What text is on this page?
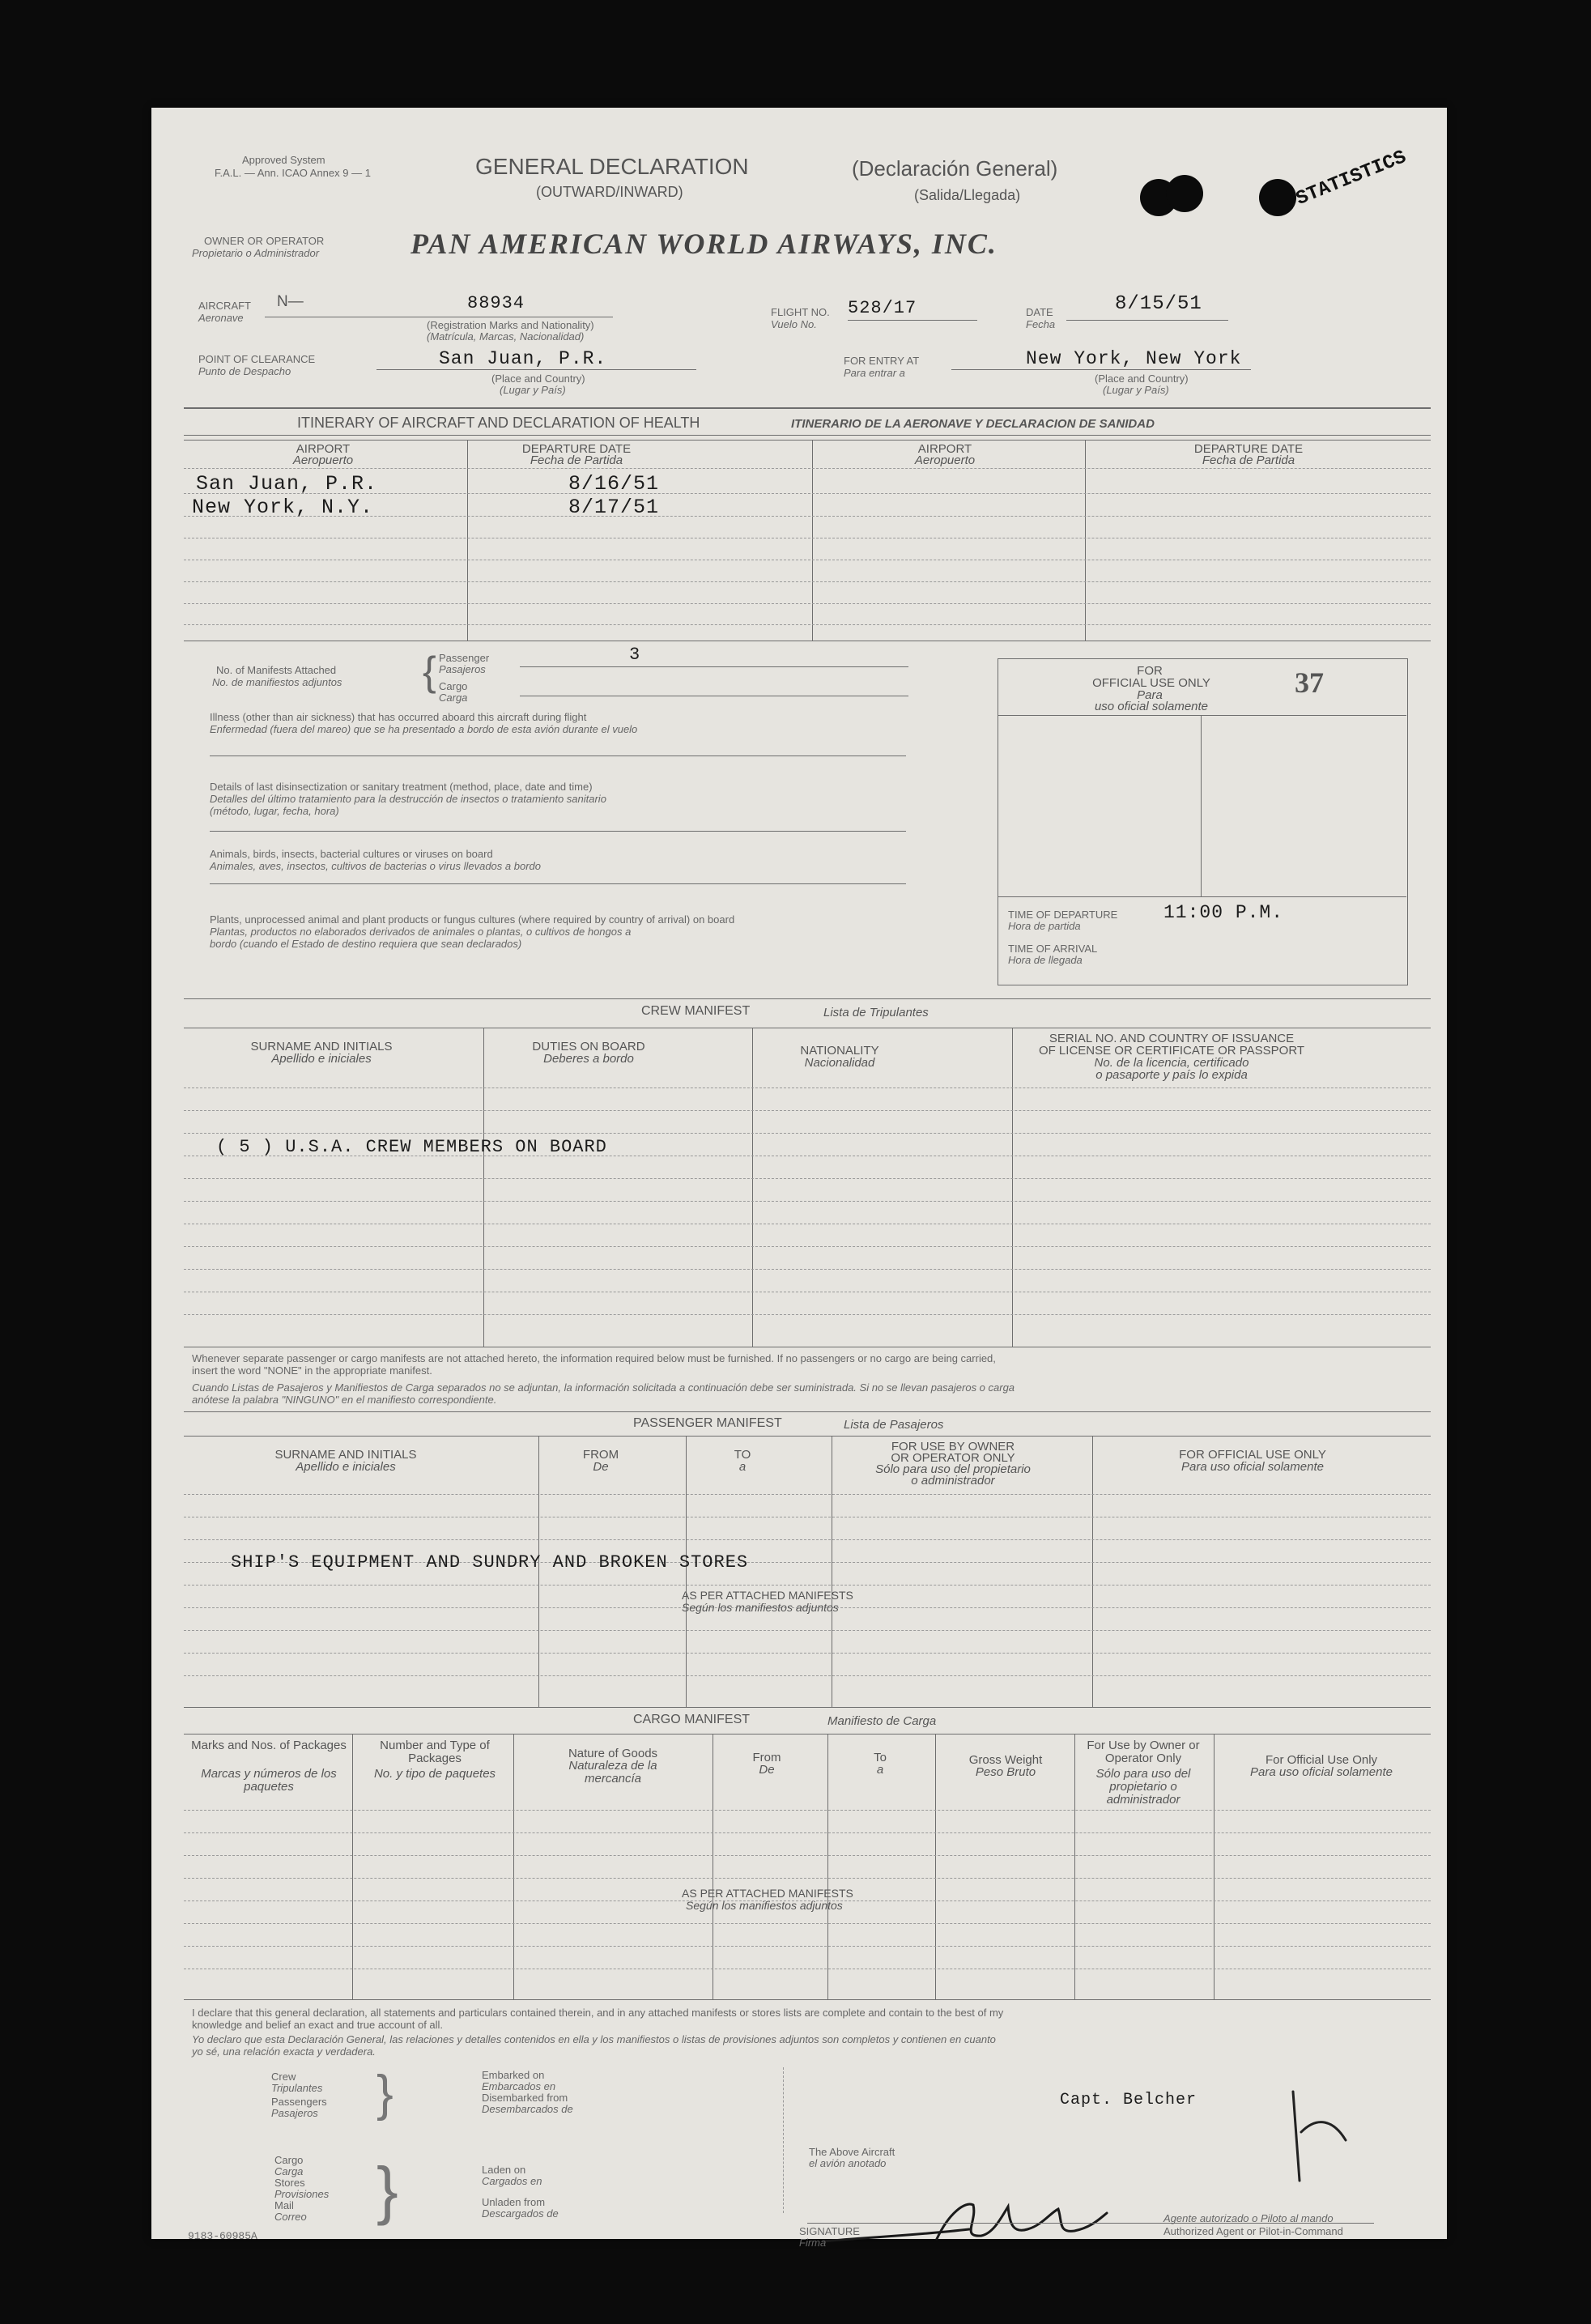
Approved System
F.A.L. — Ann. ICAO Annex 9 — 1	GENERAL DECLARATION
(OUTWARD/INWARD)
(Declaración General)
(Salida/Llegada)	STATISTICS
OWNER OR OPERATOR
Propietario o Administrador	PAN AMERICAN WORLD AIRWAYS, INC.
AIRCRAFT
Aeronave
N—	88934
(Registration Marks and Nationality)
(Matrícula, Marcas, Nacionalidad)
FLIGHT NO.
Vuelo No.
528/17	DATE
Fecha
8/15/51
POINT OF CLEARANCE
Punto de Despacho
San Juan, P.R.
(Place and Country)
(Lugar y País)
FOR ENTRY AT
Para entrar a
New York, New York
(Place and Country)
(Lugar y País)
ITINERARY OF AIRCRAFT AND DECLARATION OF HEALTH	ITINERARIO DE LA AERONAVE Y DECLARACION DE SANIDAD
AIRPORT
Aeropuerto
DEPARTURE DATE
Fecha de Partida
AIRPORT
Aeropuerto
DEPARTURE DATE
Fecha de Partida
San Juan, P.R.	8/16/51
New York, N.Y.	8/17/51
No. of Manifests Attached
No. de manifiestos adjuntos { Passenger
Pasajeros
Cargo
Carga
3
Illness (other than air sickness) that has occurred aboard this aircraft during flight
Enfermedad (fuera del mareo) que se ha presentado a bordo de esta avión durante el vuelo
Details of last disinsectization or sanitary treatment (method, place, date and time)
Detalles del último tratamiento para la destrucción de insectos o tratamiento sanitario
(método, lugar, fecha, hora)
Animals, birds, insects, bacterial cultures or viruses on board
Animales, aves, insectos, cultivos de bacterias o virus llevados a bordo
Plants, unprocessed animal and plant products or fungus cultures (where required by country of arrival) on board
Plantas, productos no elaborados derivados de animales o plantas, o cultivos de hongos a
bordo (cuando el Estado de destino requiera que sean declarados)
FOR
OFFICIAL USE ONLY
Para
uso oficial solamente
37
TIME OF DEPARTURE
Hora de partida
11:00 P.M.
TIME OF ARRIVAL
Hora de llegada
CREW MANIFEST	Lista de Tripulantes
SURNAME AND INITIALS
Apellido e iniciales
DUTIES ON BOARD
Deberes a bordo
NATIONALITY
Nacionalidad
SERIAL NO. AND COUNTRY OF ISSUANCE
OF LICENSE OR CERTIFICATE OR PASSPORT
No. de la licencia, certificado
o pasaporte y país lo expida
( 5 ) U.S.A. CREW MEMBERS ON BOARD
Whenever separate passenger or cargo manifests are not attached hereto, the information required below must be furnished. If no passengers or no cargo are being carried,
insert the word "NONE" in the appropriate manifest.
Cuando Listas de Pasajeros y Manifiestos de Carga separados no se adjuntan, la información solicitada a continuación debe ser suministrada. Si no se llevan pasajeros o carga
anótese la palabra "NINGUNO" en el manifiesto correspondiente.
PASSENGER MANIFEST	Lista de Pasajeros
SURNAME AND INITIALS
Apellido e iniciales
FROM
De
TO
a
FOR USE BY OWNER
OR OPERATOR ONLY
Sólo para uso del propietario
o administrador
FOR OFFICIAL USE ONLY
Para uso oficial solamente
SHIP'S EQUIPMENT AND SUNDRY AND BROKEN STORES
AS PER ATTACHED MANIFESTS
Según los manifiestos adjuntos
CARGO MANIFEST	Manifiesto de Carga
Marks and Nos. of Packages
Marcas y números de los paquetes
Number and Type of Packages
No. y tipo de paquetes
Nature of Goods
Naturaleza de la mercancía
From
De
To
a
Gross Weight
Peso Bruto
For Use by Owner or Operator Only
Sólo para uso del propietario o administrador
For Official Use Only
Para uso oficial solamente
AS PER ATTACHED MANIFESTS
Según los manifiestos adjuntos
I declare that this general declaration, all statements and particulars contained therein, and in any attached manifests or stores lists are complete and contain to the best of my
knowledge and belief an exact and true account of all.
Yo declaro que esta Declaración General, las relaciones y detalles contenidos en ella y los manifiestos o listas de provisiones adjuntos son completos y contienen en cuanto
yo sé, una relación exacta y verdadera.
Crew
Tripulantes
Passengers
Pasajeros }	Embarked on
Embarcados en
Disembarked from
Desembarcados de
Cargo
Carga
Stores
Provisiones
Mail
Correo }	Laden on
Cargados en
Unladen from
Descargados de
The Above Aircraft
el avión anotado
Capt. Belcher
SIGNATURE
Firma
Authorized Agent or Pilot-in-Command
Agente autorizado o Piloto al mando
9183-60985A
